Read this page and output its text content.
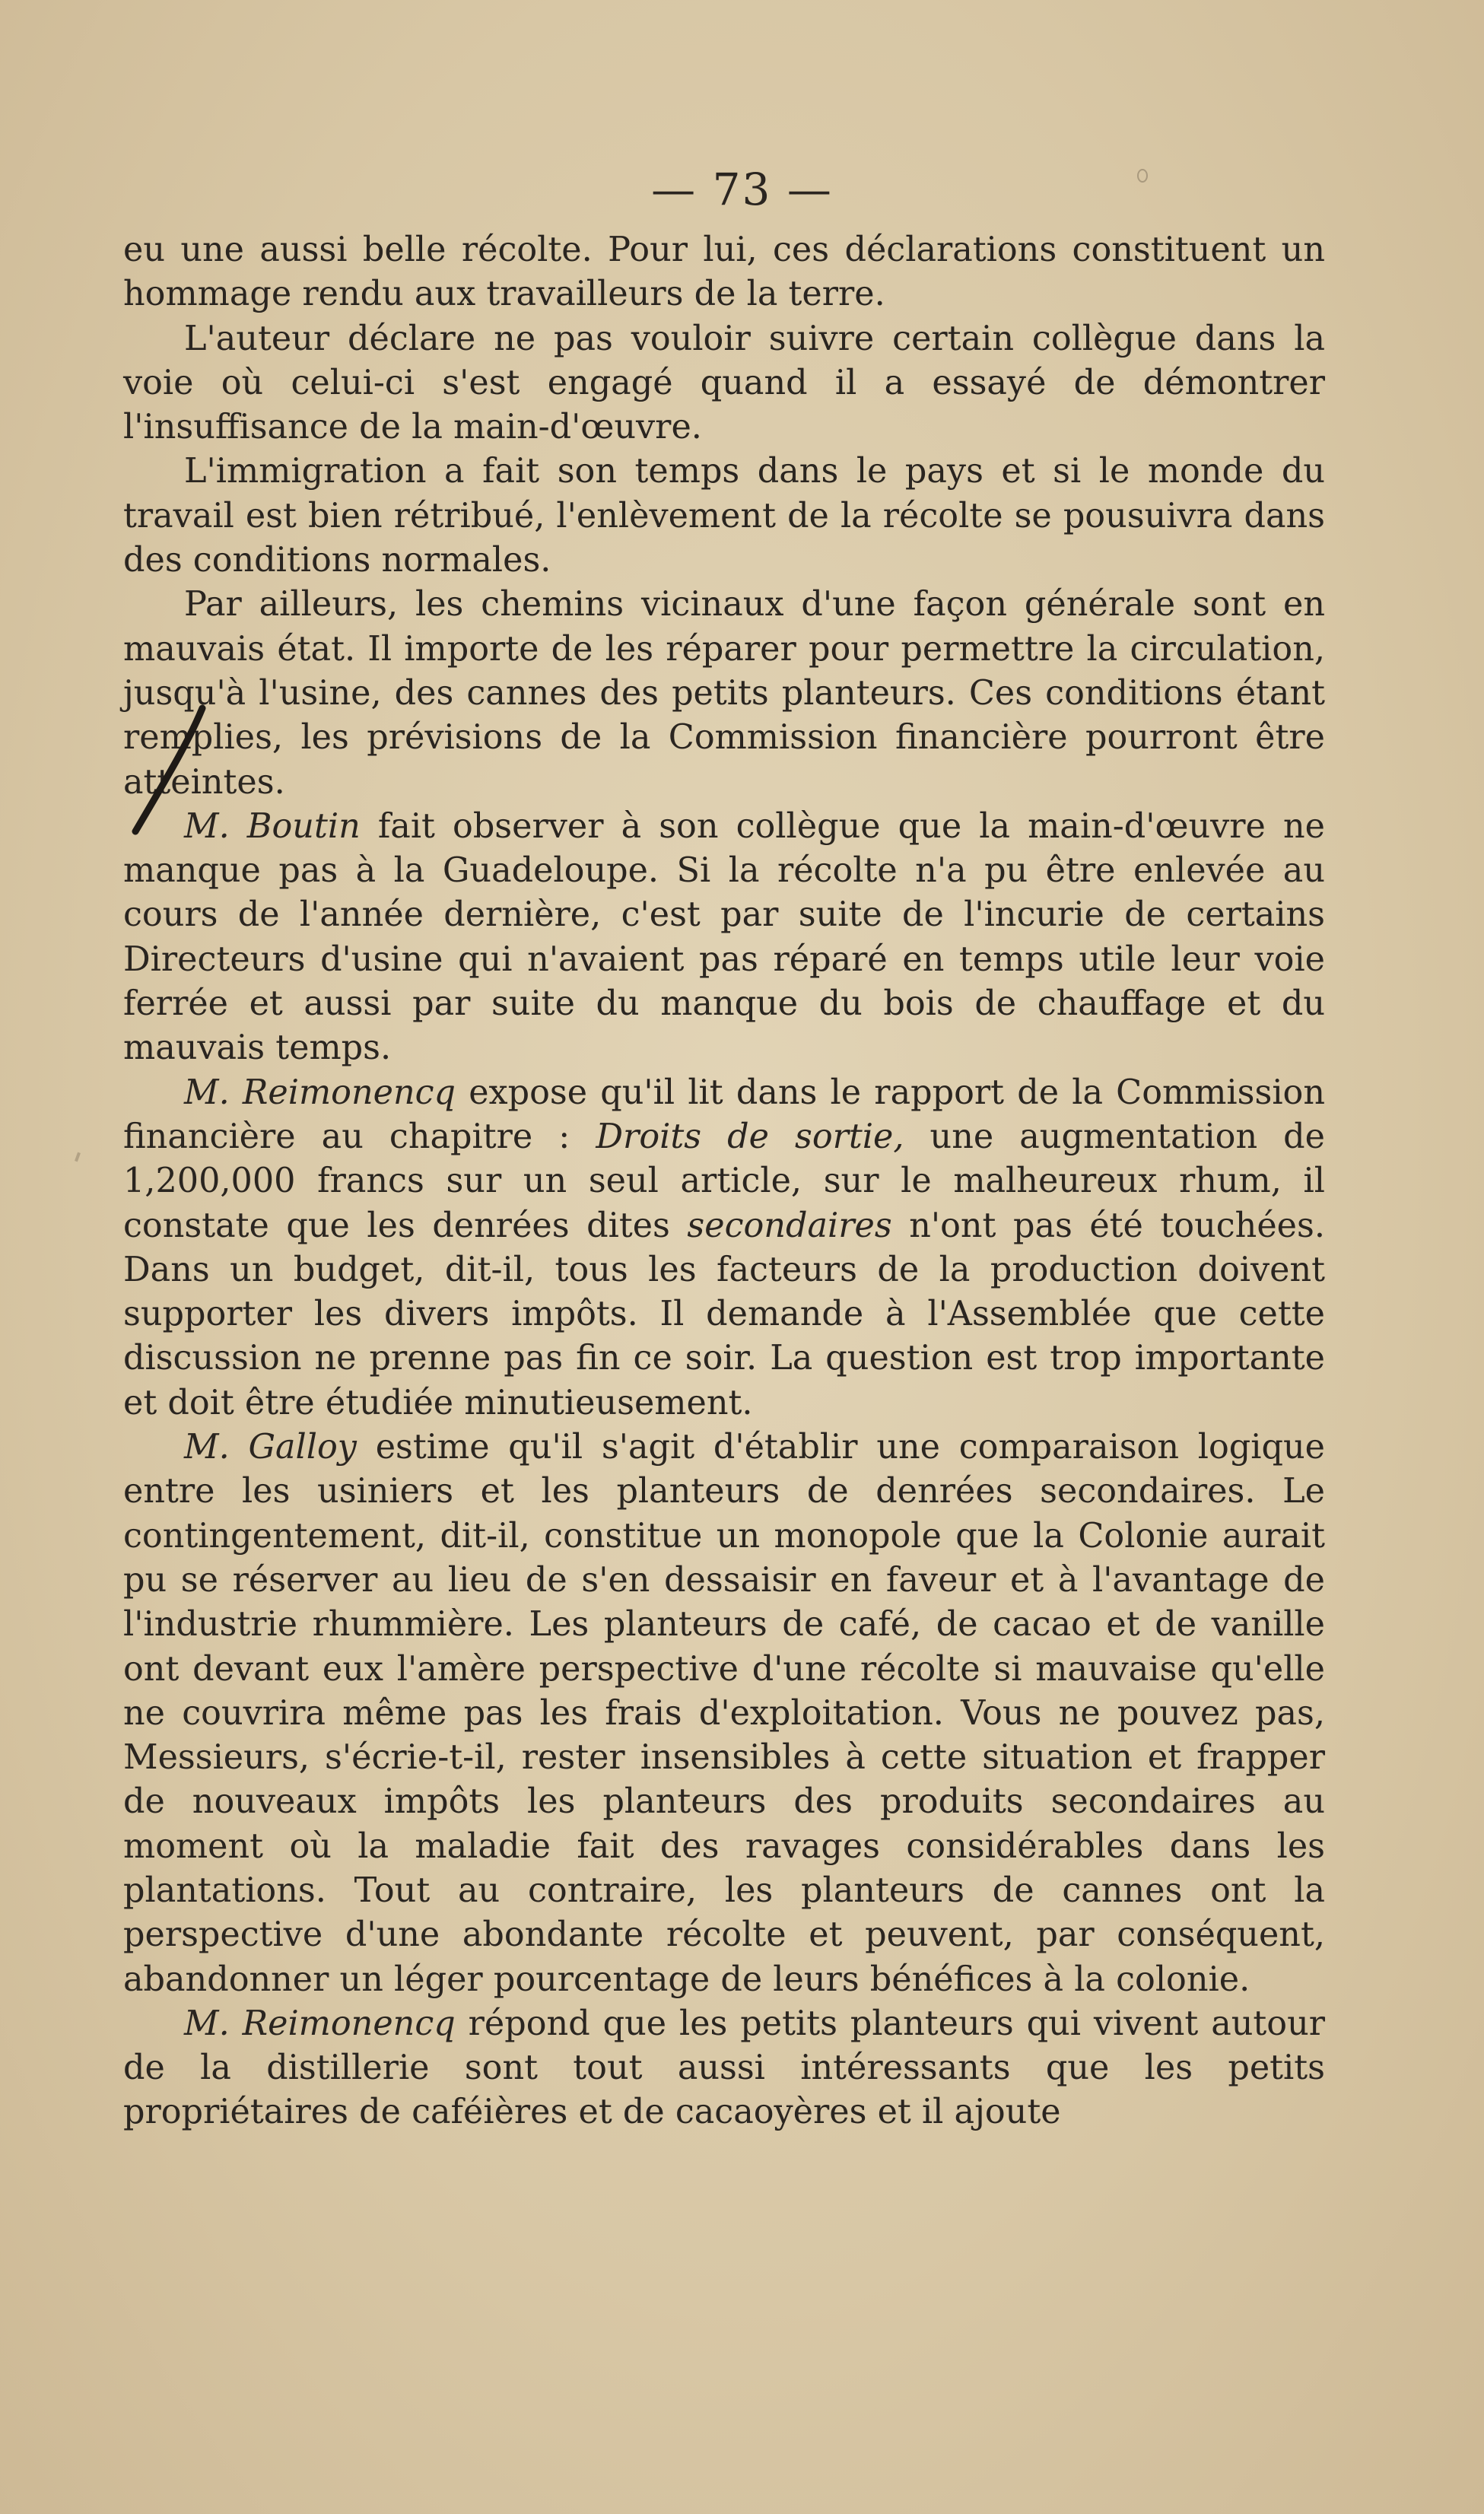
— 73 —

eu une aussi belle récolte. Pour lui, ces déclarations constituent un hommage rendu aux travailleurs de la terre.

L'auteur déclare ne pas vouloir suivre certain collègue dans la voie où celui-ci s'est engagé quand il a essayé de démontrer l'insuffisance de la main-d'œuvre.

L'immigration a fait son temps dans le pays et si le monde du travail est bien rétribué, l'enlèvement de la récolte se pousuivra dans des conditions normales.

Par ailleurs, les chemins vicinaux d'une façon générale sont en mauvais état. Il importe de les réparer pour permettre la circulation, jusqu'à l'usine, des cannes des petits planteurs. Ces conditions étant remplies, les prévisions de la Commission financière pourront être atteintes.

M. Boutin fait observer à son collègue que la main-d'œuvre ne manque pas à la Guadeloupe. Si la récolte n'a pu être enlevée au cours de l'année dernière, c'est par suite de l'incurie de certains Directeurs d'usine qui n'avaient pas réparé en temps utile leur voie ferrée et aussi par suite du manque du bois de chauffage et du mauvais temps.

M. Reimonencq expose qu'il lit dans le rapport de la Commission financière au chapitre : Droits de sortie, une augmentation de 1,200,000 francs sur un seul article, sur le malheureux rhum, il constate que les denrées dites secondaires n'ont pas été touchées. Dans un budget, dit-il, tous les facteurs de la production doivent supporter les divers impôts. Il demande à l'Assemblée que cette discussion ne prenne pas fin ce soir. La question est trop importante et doit être étudiée minutieusement.

M. Galloy estime qu'il s'agit d'établir une comparaison logique entre les usiniers et les planteurs de denrées secondaires. Le contingentement, dit-il, constitue un monopole que la Colonie aurait pu se réserver au lieu de s'en dessaisir en faveur et à l'avantage de l'industrie rhummière. Les planteurs de café, de cacao et de vanille ont devant eux l'amère perspective d'une récolte si mauvaise qu'elle ne couvrira même pas les frais d'exploitation. Vous ne pouvez pas, Messieurs, s'écrie-t-il, rester insensibles à cette situation et frapper de nouveaux impôts les planteurs des produits secondaires au moment où la maladie fait des ravages considérables dans les plantations. Tout au contraire, les planteurs de cannes ont la perspective d'une abondante récolte et peuvent, par conséquent, abandonner un léger pourcentage de leurs bénéfices à la colonie.

M. Reimonencq répond que les petits planteurs qui vivent autour de la distillerie sont tout aussi intéressants que les petits propriétaires de caféières et de cacaoyères et il ajoute
